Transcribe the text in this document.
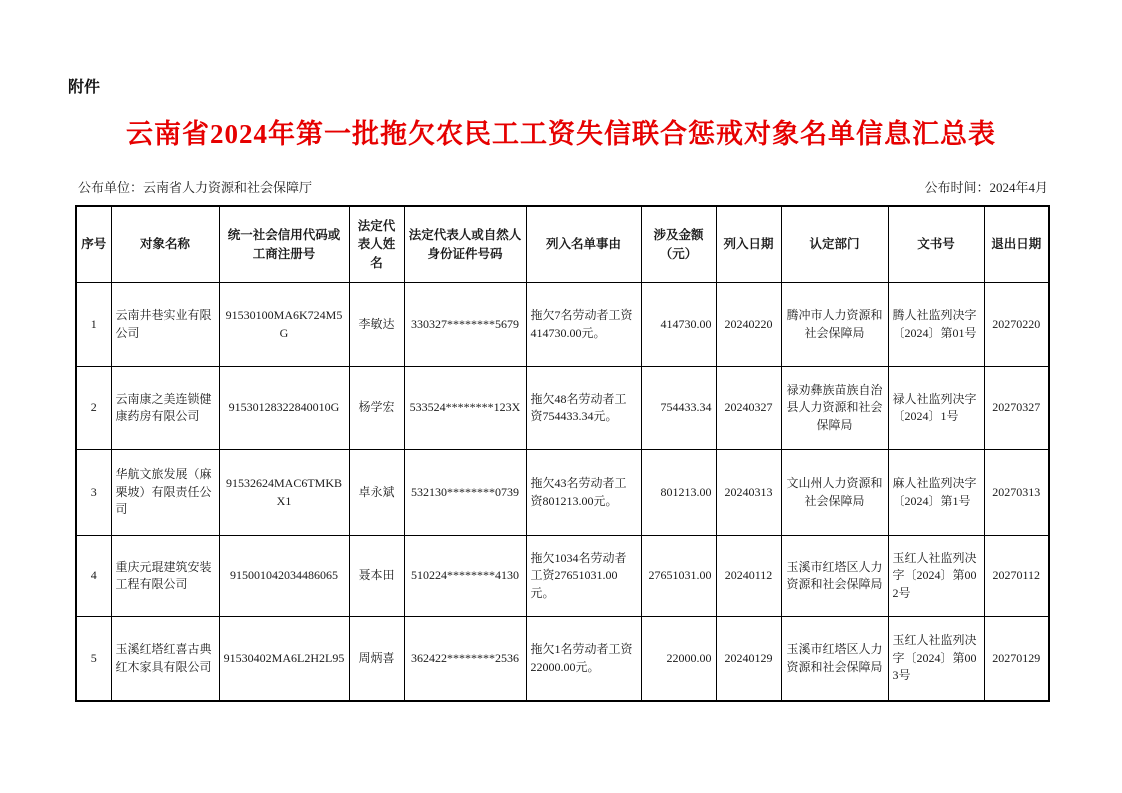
附件
云南省2024年第一批拖欠农民工工资失信联合惩戒对象名单信息汇总表
公布单位：云南省人力资源和社会保障厅	公布时间：2024年4月
序号	对象名称	统一社会信用代码或工商注册号	法定代表人姓名	法定代表人或自然人身份证件号码	列入名单事由	涉及金额（元）	列入日期	认定部门	文书号	退出日期
1	云南井巷实业有限公司	91530100MA6K724M5G	李敏达	330327********5679	拖欠7名劳动者工资414730.00元。	414730.00	20240220	腾冲市人力资源和社会保障局	腾人社监列决字〔2024〕第01号	20270220
2	云南康之美连锁健康药房有限公司	91530128322840010G	杨学宏	533524********123X	拖欠48名劳动者工资754433.34元。	754433.34	20240327	禄劝彝族苗族自治县人力资源和社会保障局	禄人社监列决字〔2024〕1号	20270327
3	华航文旅发展（麻栗坡）有限责任公司	91532624MAC6TMKBX1	卓永斌	532130********0739	拖欠43名劳动者工资801213.00元。	801213.00	20240313	文山州人力资源和社会保障局	麻人社监列决字〔2024〕第1号	20270313
4	重庆元琨建筑安装工程有限公司	915001042034486065	聂本田	510224********4130	拖欠1034名劳动者工资27651031.00元。	27651031.00	20240112	玉溪市红塔区人力资源和社会保障局	玉红人社监列决字〔2024〕第002号	20270112
5	玉溪红塔红喜古典红木家具有限公司	91530402MA6L2H2L95	周炳喜	362422********2536	拖欠1名劳动者工资22000.00元。	22000.00	20240129	玉溪市红塔区人力资源和社会保障局	玉红人社监列决字〔2024〕第003号	20270129
